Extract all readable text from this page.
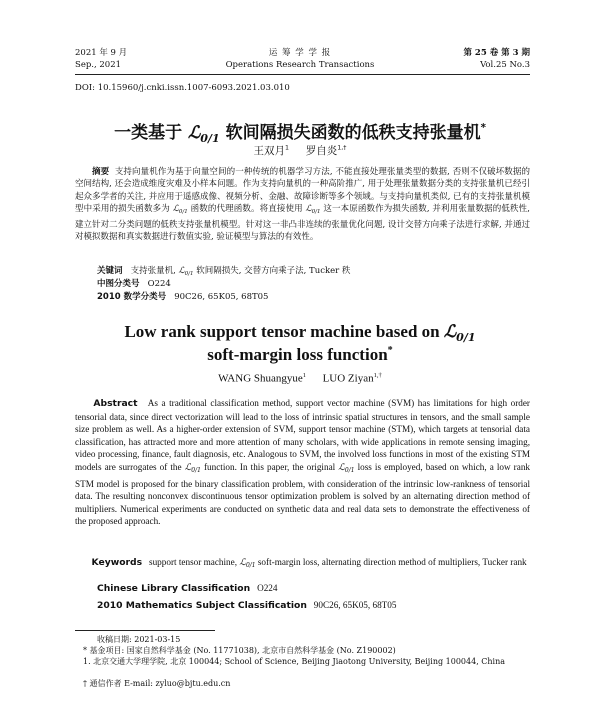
2021 年 9 月	运 筹 学 学 报	第 25 卷 第 3 期
Sep., 2021	Operations Research Transactions	Vol.25 No.3
DOI: 10.15960/j.cnki.issn.1007-6093.2021.03.010
一类基于 ℒ$_{0/1}$ 软间隔损失函数的低秩支持张量机*
王双月$^1$ 罗自炎$^{1,\dagger}$
摘要 支持向量机作为基于向量空间的一种传统的机器学习方法, 不能直接处理张量类型的数据, 否则不仅破坏数据的空间结构, 还会造成维度灾难及小样本问题。作为支持向量机的一种高阶推广, 用于处理张量数据分类的支持张量机已经引起众多学者的关注, 并应用于遥感成像、视频分析、金融、故障诊断等多个领域。与支持向量机类似, 已有的支持张量机模型中采用的损失函数多为 ℒ$_{0/1}$ 函数的代理函数。将直接使用 ℒ$_{0/1}$ 这一本原函数作为损失函数, 并利用张量数据的低秩性, 建立针对二分类问题的低秩支持张量机模型。针对这一非凸非连续的张量优化问题, 设计交替方向乘子法进行求解, 并通过对模拟数据和真实数据进行数值实验, 验证模型与算法的有效性。
关键词 支持张量机, ℒ$_{0/1}$ 软间隔损失, 交替方向乘子法, Tucker 秩
中图分类号 O224
2010 数学分类号 90C26, 65K05, 68T05
Low rank support tensor machine based on ℒ$_{0/1}$
soft-margin loss function*
WANG Shuangyue$^1$ LUO Ziyan$^{1,\dagger}$
Abstract As a traditional classification method, support vector machine (SVM) has limitations for high order tensorial data, since direct vectorization will lead to the loss of intrinsic spatial structures in tensors, and the small sample size problem as well. As a higher-order extension of SVM, support tensor machine (STM), which targets at tensorial data classification, has attracted more and more attention of many scholars, with wide applications in remote sensing imaging, video processing, finance, fault diagnosis, etc. Analogous to SVM, the involved loss functions in most of the existing STM models are surrogates of the ℒ$_{0/1}$ function. In this paper, the original ℒ$_{0/1}$ loss is employed, based on which, a low rank STM model is proposed for the binary classification problem, with consideration of the intrinsic low-rankness of tensorial data. The resulting nonconvex discontinuous tensor optimization problem is solved by an alternating direction method of multipliers. Numerical experiments are conducted on synthetic data and real data sets to demonstrate the effectiveness of the proposed approach.
Keywords support tensor machine, ℒ$_{0/1}$ soft-margin loss, alternating direction method of multipliers, Tucker rank
Chinese Library Classification O224
2010 Mathematics Subject Classification 90C26, 65K05, 68T05
收稿日期: 2021-03-15
* 基金项目: 国家自然科学基金 (No. 11771038), 北京市自然科学基金 (No. Z190002)
1. 北京交通大学理学院, 北京 100044; School of Science, Beijing Jiaotong University, Beijing 100044, China
† 通信作者 E-mail: zyluo@bjtu.edu.cn
